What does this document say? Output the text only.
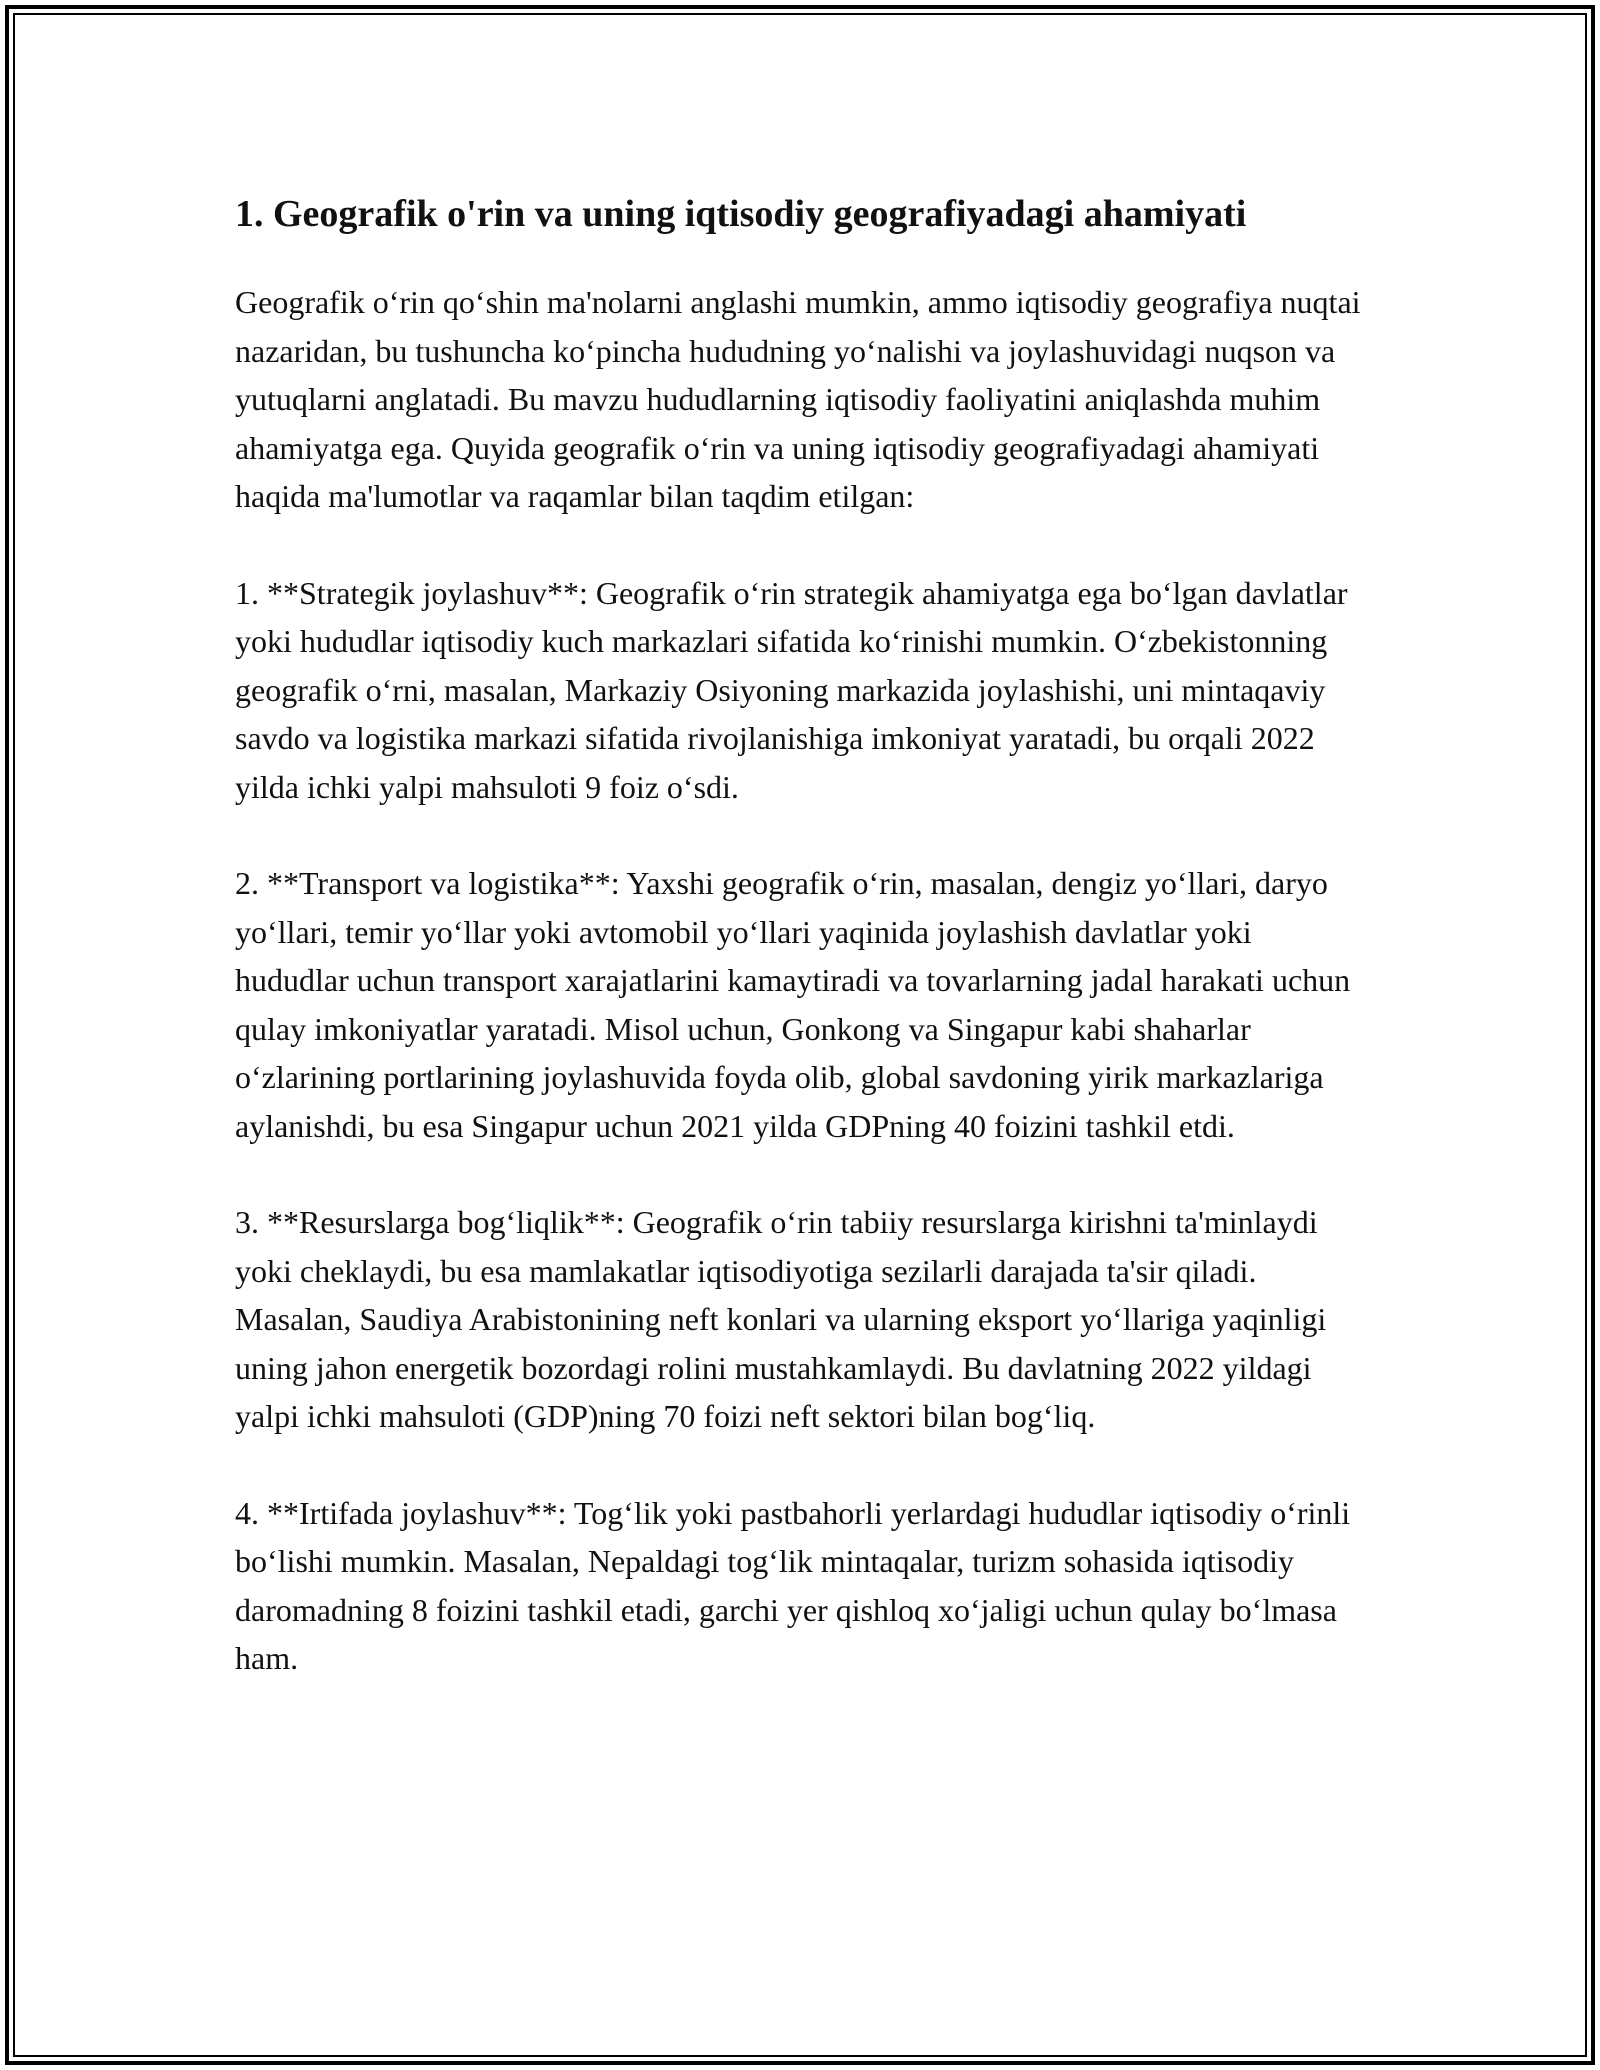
1. Geografik o'rin va uning iqtisodiy geografiyadagi ahamiyati

Geografik o‘rin qo‘shin ma'nolarni anglashi mumkin, ammo iqtisodiy geografiya nuqtai nazaridan, bu tushuncha ko‘pincha hududning yo‘nalishi va joylashuvidagi nuqson va yutuqlarni anglatadi. Bu mavzu hududlarning iqtisodiy faoliyatini aniqlashda muhim ahamiyatga ega. Quyida geografik o‘rin va uning iqtisodiy geografiyadagi ahamiyati haqida ma'lumotlar va raqamlar bilan taqdim etilgan:

1. **Strategik joylashuv**: Geografik o‘rin strategik ahamiyatga ega bo‘lgan davlatlar yoki hududlar iqtisodiy kuch markazlari sifatida ko‘rinishi mumkin. O‘zbekistonning geografik o‘rni, masalan, Markaziy Osiyoning markazida joylashishi, uni mintaqaviy savdo va logistika markazi sifatida rivojlanishiga imkoniyat yaratadi, bu orqali 2022 yilda ichki yalpi mahsuloti 9 foiz o‘sdi.

2. **Transport va logistika**: Yaxshi geografik o‘rin, masalan, dengiz yo‘llari, daryo yo‘llari, temir yo‘llar yoki avtomobil yo‘llari yaqinida joylashish davlatlar yoki hududlar uchun transport xarajatlarini kamaytiradi va tovarlarning jadal harakati uchun qulay imkoniyatlar yaratadi. Misol uchun, Gonkong va Singapur kabi shaharlar o‘zlarining portlarining joylashuvida foyda olib, global savdoning yirik markazlariga aylanishdi, bu esa Singapur uchun 2021 yilda GDPning 40 foizini tashkil etdi.

3. **Resurslarga bog‘liqlik**: Geografik o‘rin tabiiy resurslarga kirishni ta'minlaydi yoki cheklaydi, bu esa mamlakatlar iqtisodiyotiga sezilarli darajada ta'sir qiladi. Masalan, Saudiya Arabistonining neft konlari va ularning eksport yo‘llariga yaqinligi uning jahon energetik bozordagi rolini mustahkamlaydi. Bu davlatning 2022 yildagi yalpi ichki mahsuloti (GDP)ning 70 foizi neft sektori bilan bog‘liq.

4. **Irtifada joylashuv**: Tog‘lik yoki pastbahorli yerlardagi hududlar iqtisodiy o‘rinli bo‘lishi mumkin. Masalan, Nepaldagi tog‘lik mintaqalar, turizm sohasida iqtisodiy daromadning 8 foizini tashkil etadi, garchi yer qishloq xo‘jaligi uchun qulay bo‘lmasa ham.
